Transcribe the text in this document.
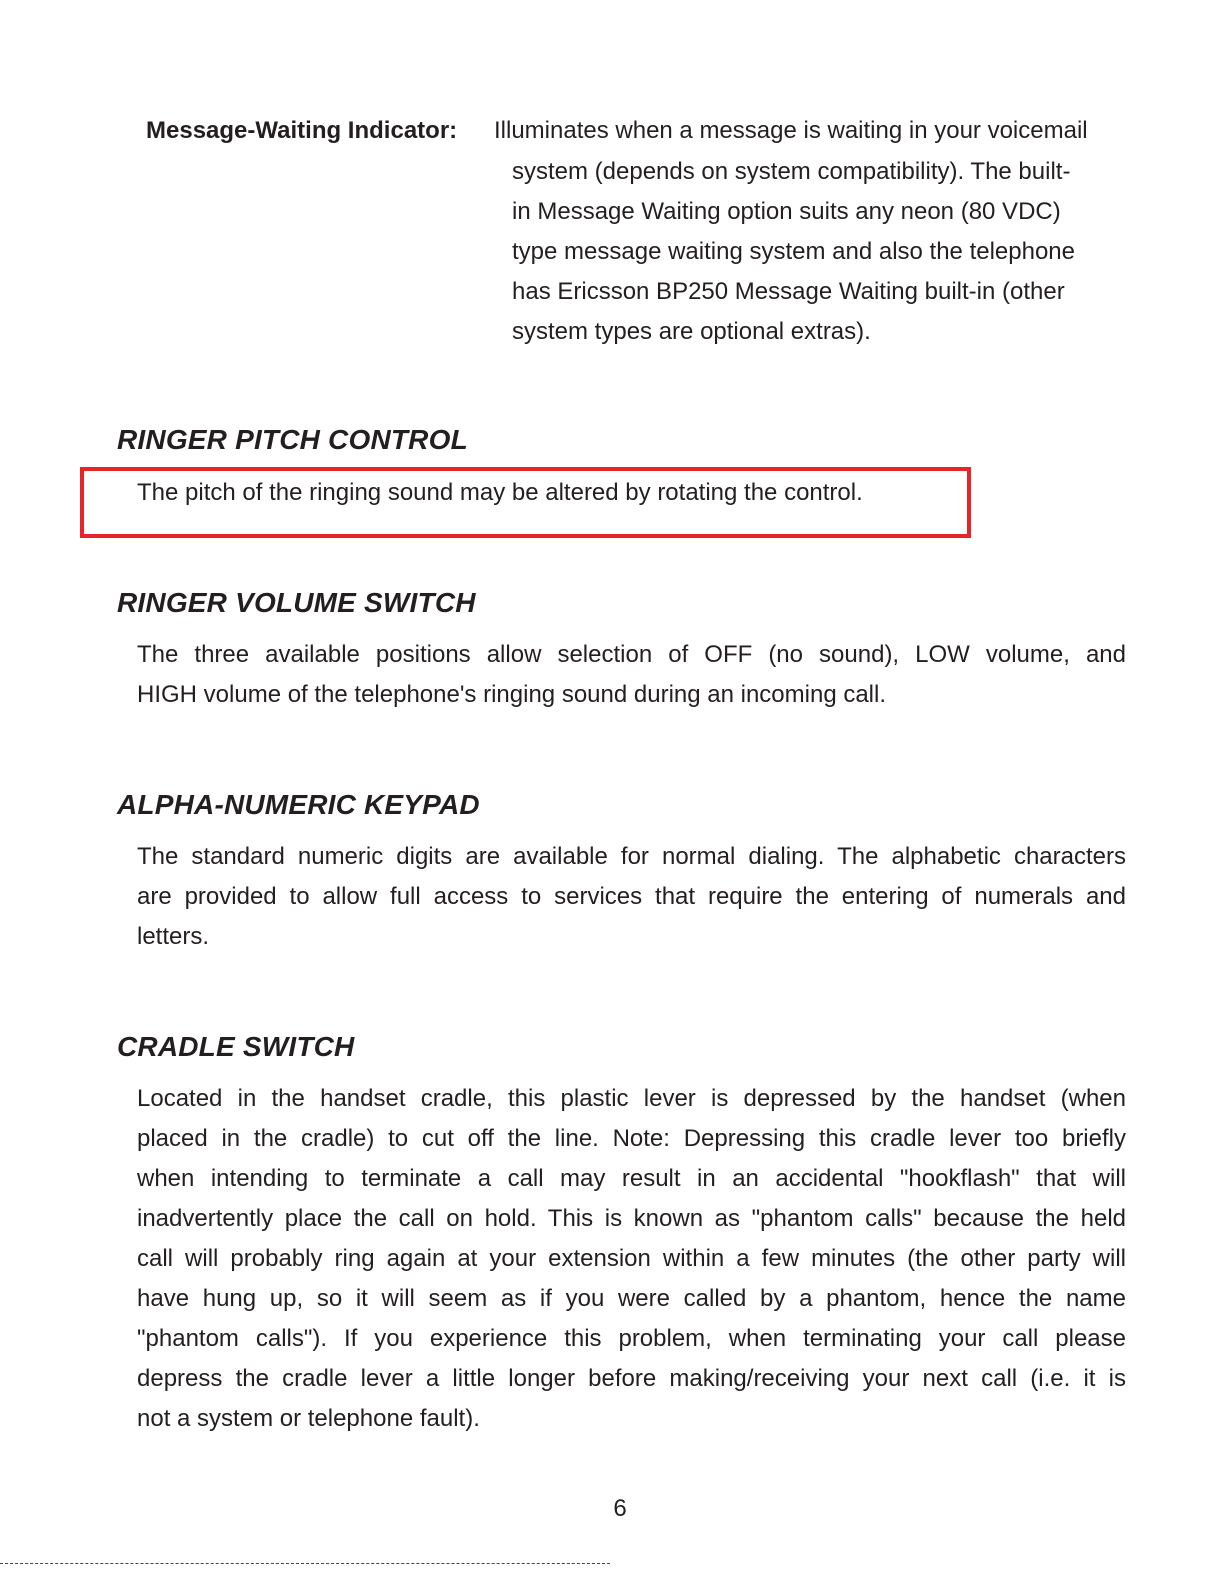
Message-Waiting Indicator: Illuminates when a message is waiting in your voicemail
system (depends on system compatibility). The built-
in Message Waiting option suits any neon (80 VDC)
type message waiting system and also the telephone
has Ericsson BP250 Message Waiting built-in (other
system types are optional extras).
RINGER PITCH CONTROL
The pitch of the ringing sound may be altered by rotating the control.
RINGER VOLUME SWITCH
The three available positions allow selection of OFF (no sound), LOW volume, and
HIGH volume of the telephone's ringing sound during an incoming call.
ALPHA-NUMERIC KEYPAD
The standard numeric digits are available for normal dialing. The alphabetic characters
are provided to allow full access to services that require the entering of numerals and
letters.
CRADLE SWITCH
Located in the handset cradle, this plastic lever is depressed by the handset (when
placed in the cradle) to cut off the line. Note: Depressing this cradle lever too briefly
when intending to terminate a call may result in an accidental "hookflash" that will
inadvertently place the call on hold. This is known as "phantom calls" because the held
call will probably ring again at your extension within a few minutes (the other party will
have hung up, so it will seem as if you were called by a phantom, hence the name
"phantom calls"). If you experience this problem, when terminating your call please
depress the cradle lever a little longer before making/receiving your next call (i.e. it is
not a system or telephone fault).
6
